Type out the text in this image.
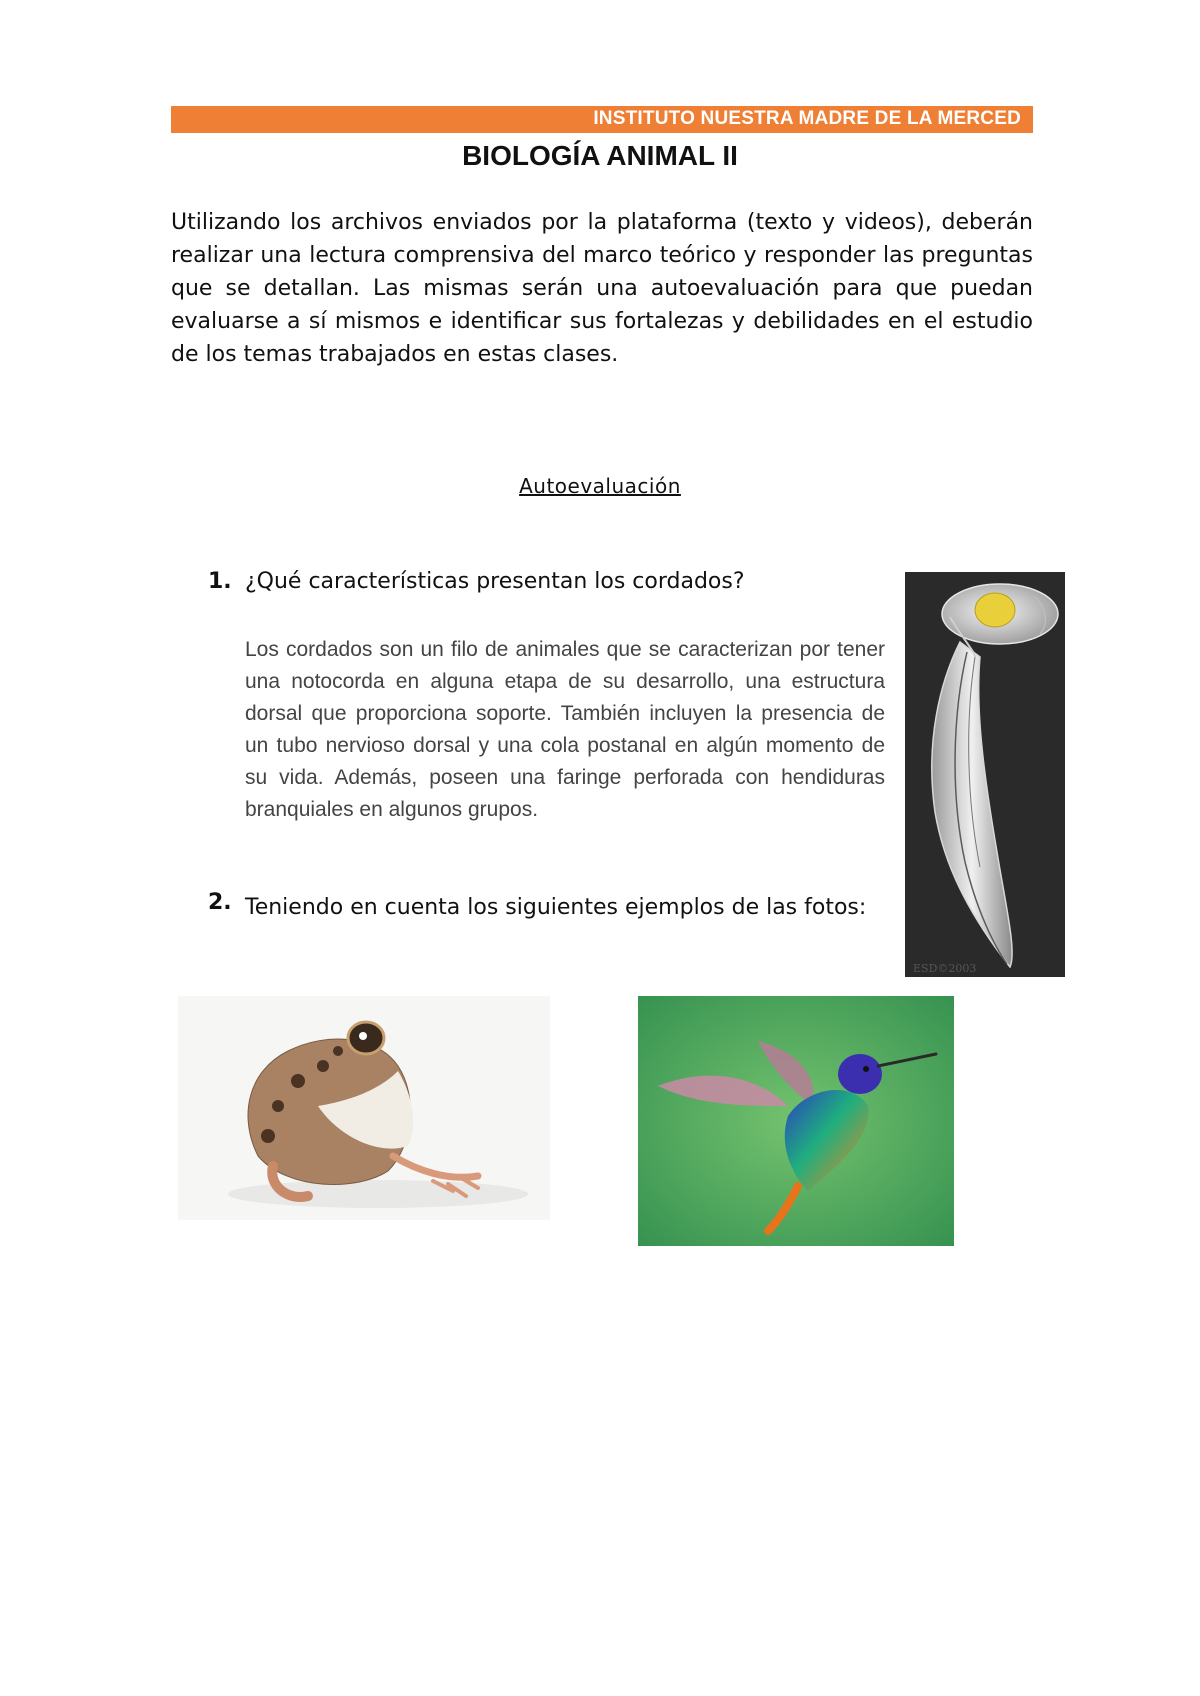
INSTITUTO NUESTRA MADRE DE LA MERCED
BIOLOGÍA ANIMAL II
Utilizando los archivos enviados por la plataforma (texto y videos), deberán realizar una lectura comprensiva del marco teórico y responder las preguntas que se detallan. Las mismas serán una autoevaluación para que puedan evaluarse a sí mismos e identificar sus fortalezas y debilidades en el estudio de los temas trabajados en estas clases.
Autoevaluación
1. ¿Qué características presentan los cordados?
Los cordados son un filo de animales que se caracterizan por tener una notocorda en alguna etapa de su desarrollo, una estructura dorsal que proporciona soporte. También incluyen la presencia de un tubo nervioso dorsal y una cola postanal en algún momento de su vida. Además, poseen una faringe perforada con hendiduras branquiales en algunos grupos.
2. Teniendo en cuenta los siguientes ejemplos de las fotos:
ESD©2003
